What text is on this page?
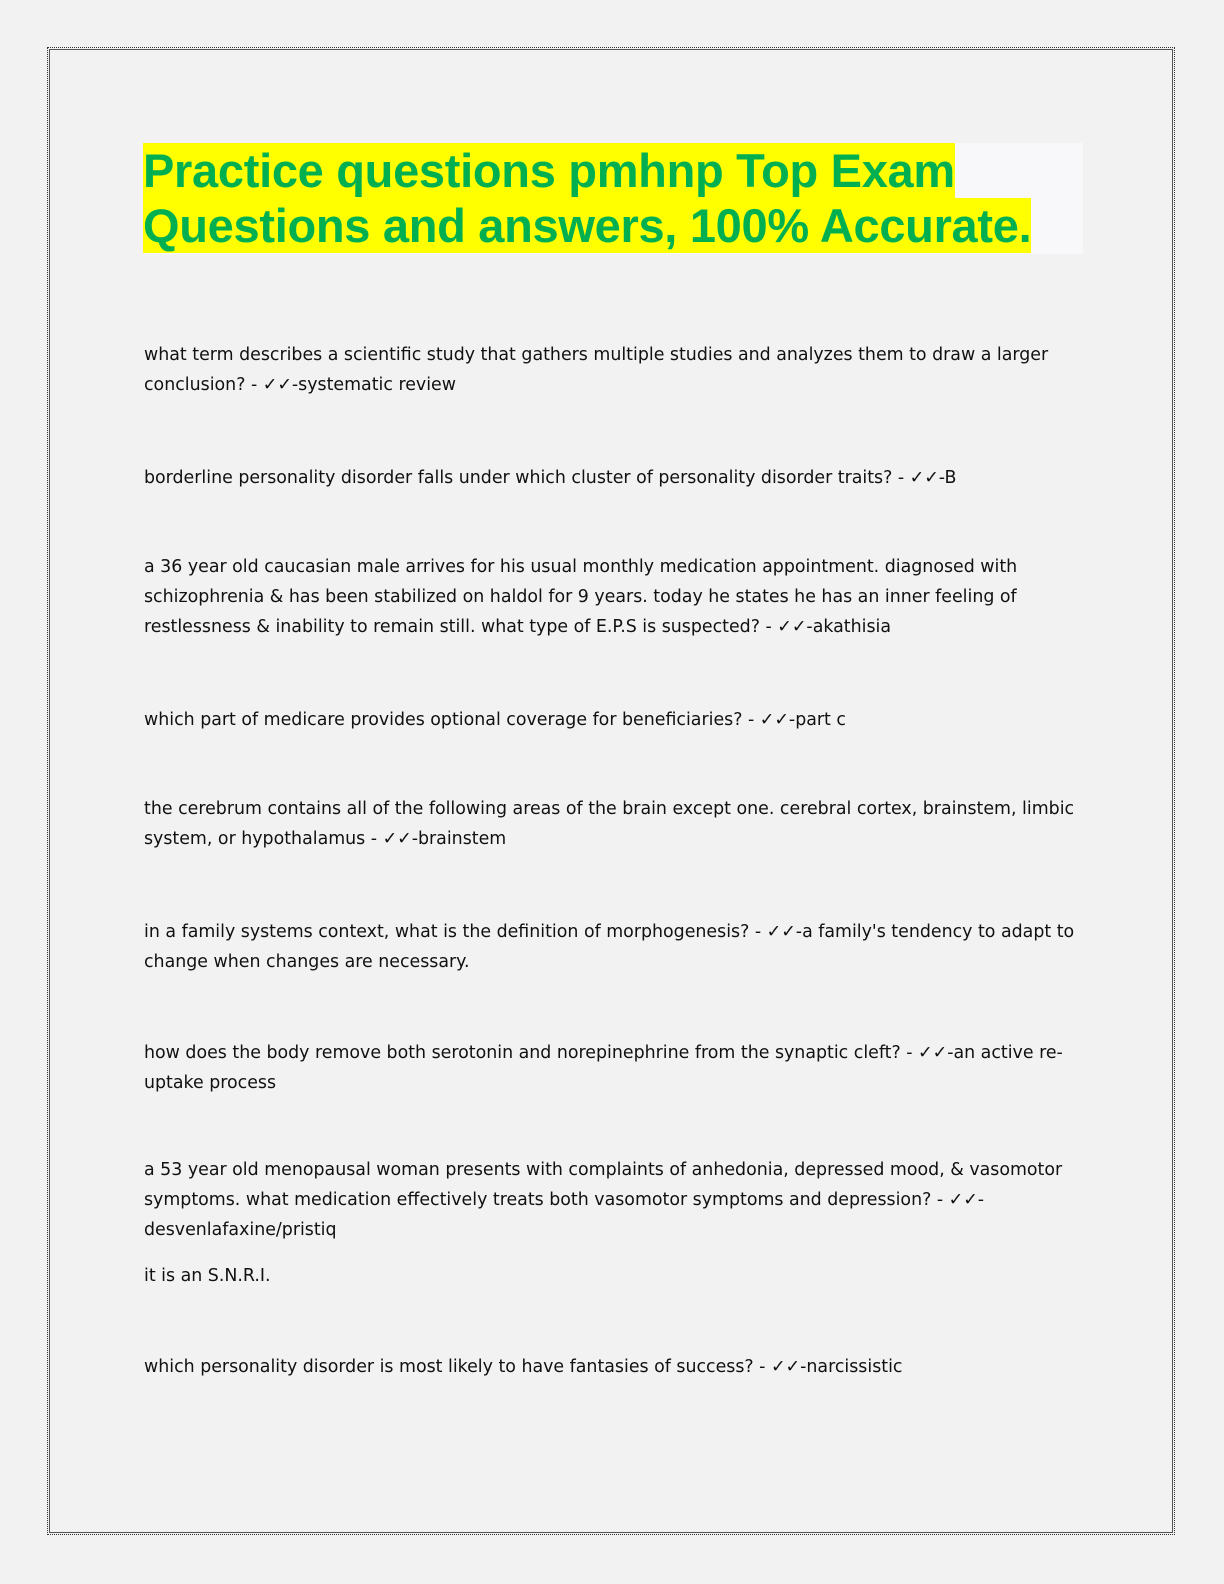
Practice questions pmhnp Top Exam
Questions and answers, 100% Accurate.

what term describes a scientific study that gathers multiple studies and analyzes them to draw a larger conclusion? - ✓✓-systematic review

borderline personality disorder falls under which cluster of personality disorder traits? - ✓✓-B

a 36 year old caucasian male arrives for his usual monthly medication appointment. diagnosed with schizophrenia & has been stabilized on haldol for 9 years. today he states he has an inner feeling of restlessness & inability to remain still. what type of E.P.S is suspected? - ✓✓-akathisia

which part of medicare provides optional coverage for beneficiaries? - ✓✓-part c

the cerebrum contains all of the following areas of the brain except one. cerebral cortex, brainstem, limbic system, or hypothalamus - ✓✓-brainstem

in a family systems context, what is the definition of morphogenesis? - ✓✓-a family's tendency to adapt to change when changes are necessary.

how does the body remove both serotonin and norepinephrine from the synaptic cleft? - ✓✓-an active re-uptake process

a 53 year old menopausal woman presents with complaints of anhedonia, depressed mood, & vasomotor symptoms. what medication effectively treats both vasomotor symptoms and depression? - ✓✓-desvenlafaxine/pristiq

it is an S.N.R.I.

which personality disorder is most likely to have fantasies of success? - ✓✓-narcissistic
